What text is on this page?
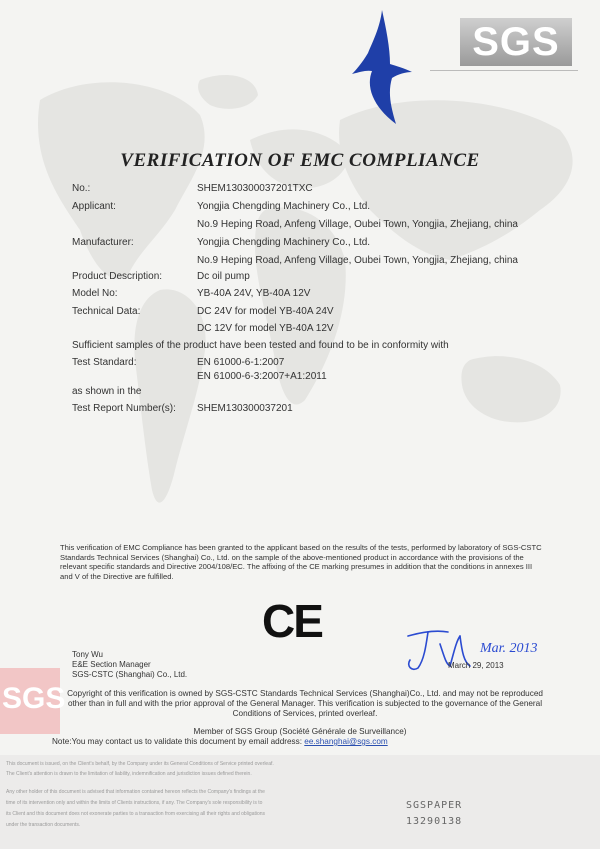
SGS
VERIFICATION OF EMC COMPLIANCE
No.:	SHEM130300037201TXC
Applicant:	Yongjia Chengding Machinery Co., Ltd.
No.9 Heping Road, Anfeng Village, Oubei Town, Yongjia, Zhejiang, china
Manufacturer:	Yongjia Chengding Machinery Co., Ltd.
No.9 Heping Road, Anfeng Village, Oubei Town, Yongjia, Zhejiang, china
Product Description:	Dc oil pump
Model No:	YB-40A 24V, YB-40A 12V
Technical Data:	DC 24V for model YB-40A 24V
DC 12V for model YB-40A 12V
Sufficient samples of the product have been tested and found to be in conformity with
Test Standard:	EN 61000-6-1:2007
EN 61000-6-3:2007+A1:2011
as shown in the
Test Report Number(s): SHEM130300037201
This verification of EMC Compliance has been granted to the applicant based on the results of the tests, performed by laboratory of SGS-CSTC Standards Technical Services (Shanghai) Co., Ltd. on the sample of the above-mentioned product in accordance with the provisions of the relevant specific standards and Directive 2004/108/EC. The affixing of the CE marking presumes in addition that the conditions in annexes III and V of the Directive are fulfilled.
CE
Mar. 2013
Tony Wu
E&E Section Manager
SGS-CSTC (Shanghai) Co., Ltd.
March 29, 2013
SGS Copyright of this verification is owned by SGS-CSTC Standards Technical Services (Shanghai)Co., Ltd. and may not be reproduced other than in full and with the prior approval of the General Manager. This verification is subjected to the governance of the General Conditions of Services, printed overleaf.
Member of SGS Group (Société Générale de Surveillance)
Note:You may contact us to validate this document by email address: ee.shanghai@sgs.com
This document is issued, on the Client's behalf, by the Company under its General Conditions of Service printed overleaf.
The Client's attention is drawn to the limitation of liability, indemnification and jurisdiction issues defined therein.
Any other holder of this document is advised that information contained hereon reflects the Company's findings at the
time of its intervention only and within the limits of Clients instructions, if any. The Company's sole responsibility is to
its Client and this document does not exonerate parties to a transaction from exercising all their rights and obligations
under the transaction documents.
SGSPAPER
13290138
